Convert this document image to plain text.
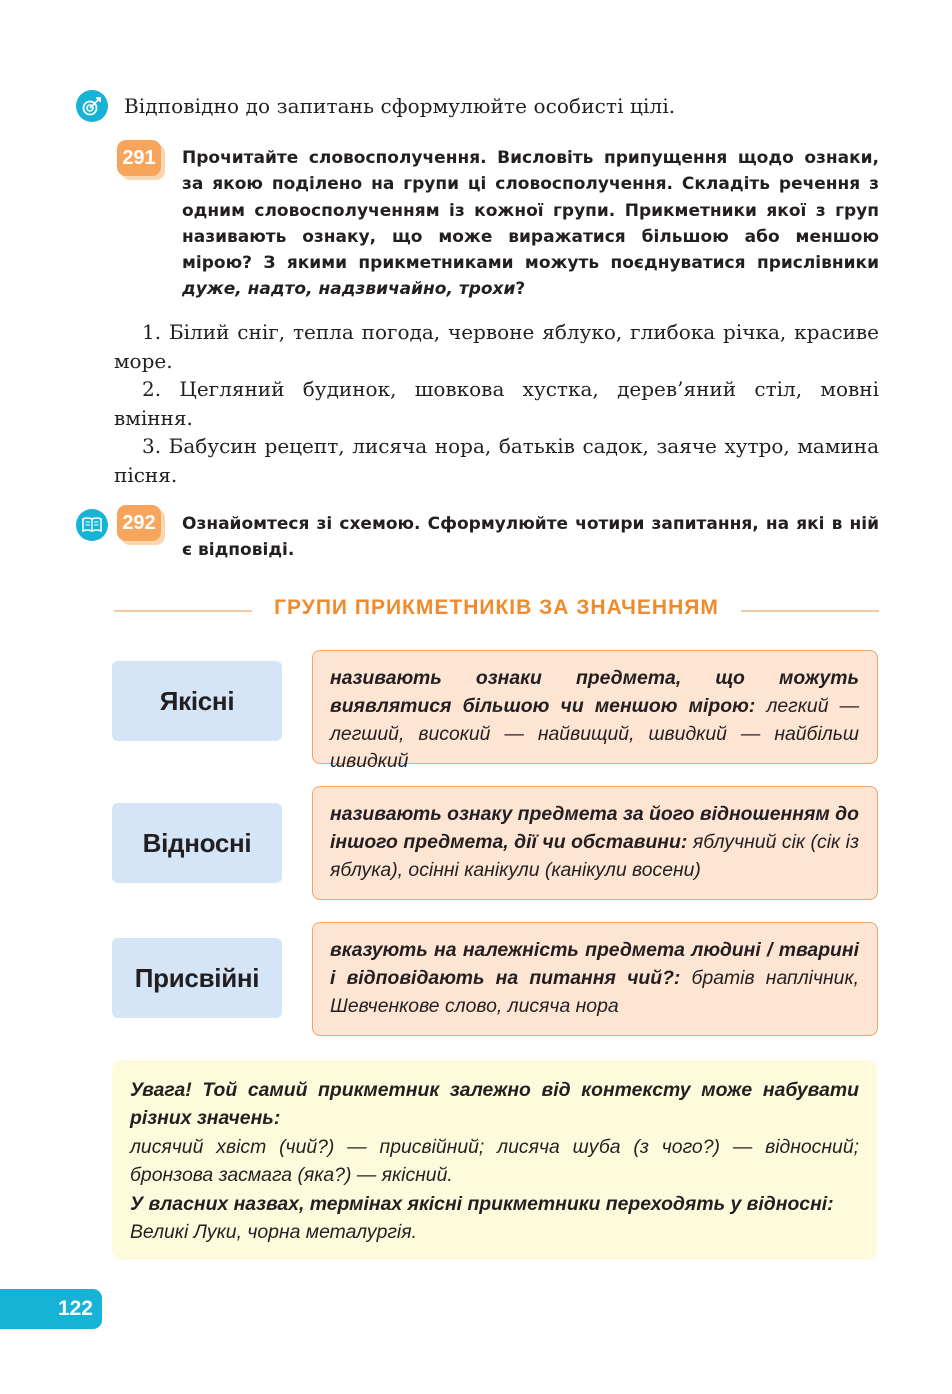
Відповідно до запитань сформулюйте особисті цілі.
291	Прочитайте словосполучення. Висловіть припущення щодо ознаки, за якою поділено на групи ці словосполучення. Складіть речення з одним словосполученням із кожної групи. Прикметники якої з груп називають ознаку, що може виражатися більшою або меншою мірою? З якими прикметниками можуть поєднуватися прислівники дуже, надто, надзвичайно, трохи?
1. Білий сніг, тепла погода, червоне яблуко, глибока річка, красиве море.
2. Цегляний будинок, шовкова хустка, дерев’яний стіл, мовні вміння.
3. Бабусин рецепт, лисяча нора, батьків садок, заяче хутро, мамина пісня.
292	Ознайомтеся зі схемою. Сформулюйте чотири запитання, на які в ній є відповіді.
ГРУПИ ПРИКМЕТНИКІВ ЗА ЗНАЧЕННЯМ
Якісні
називають ознаки предмета, що можуть виявлятися більшою чи меншою мірою: легкий — легший, високий — найвищий, швидкий — найбільш швидкий
Відносні
називають ознаку предмета за його відношенням до іншого предмета, дії чи обставини: яблучний сік (сік із яблука), осінні канікули (канікули восени)
Присвійні
вказують на належність предмета людині / тварині і відповідають на питання чий?: братів наплічник, Шевченкове слово, лисяча нора
Увага! Той самий прикметник залежно від контексту може набувати різних значень:
лисячий хвіст (чий?) — присвійний; лисяча шуба (з чого?) — відносний; бронзова засмага (яка?) — якісний.
У власних назвах, термінах якісні прикметники переходять у відносні:
Великі Луки, чорна металургія.
122
